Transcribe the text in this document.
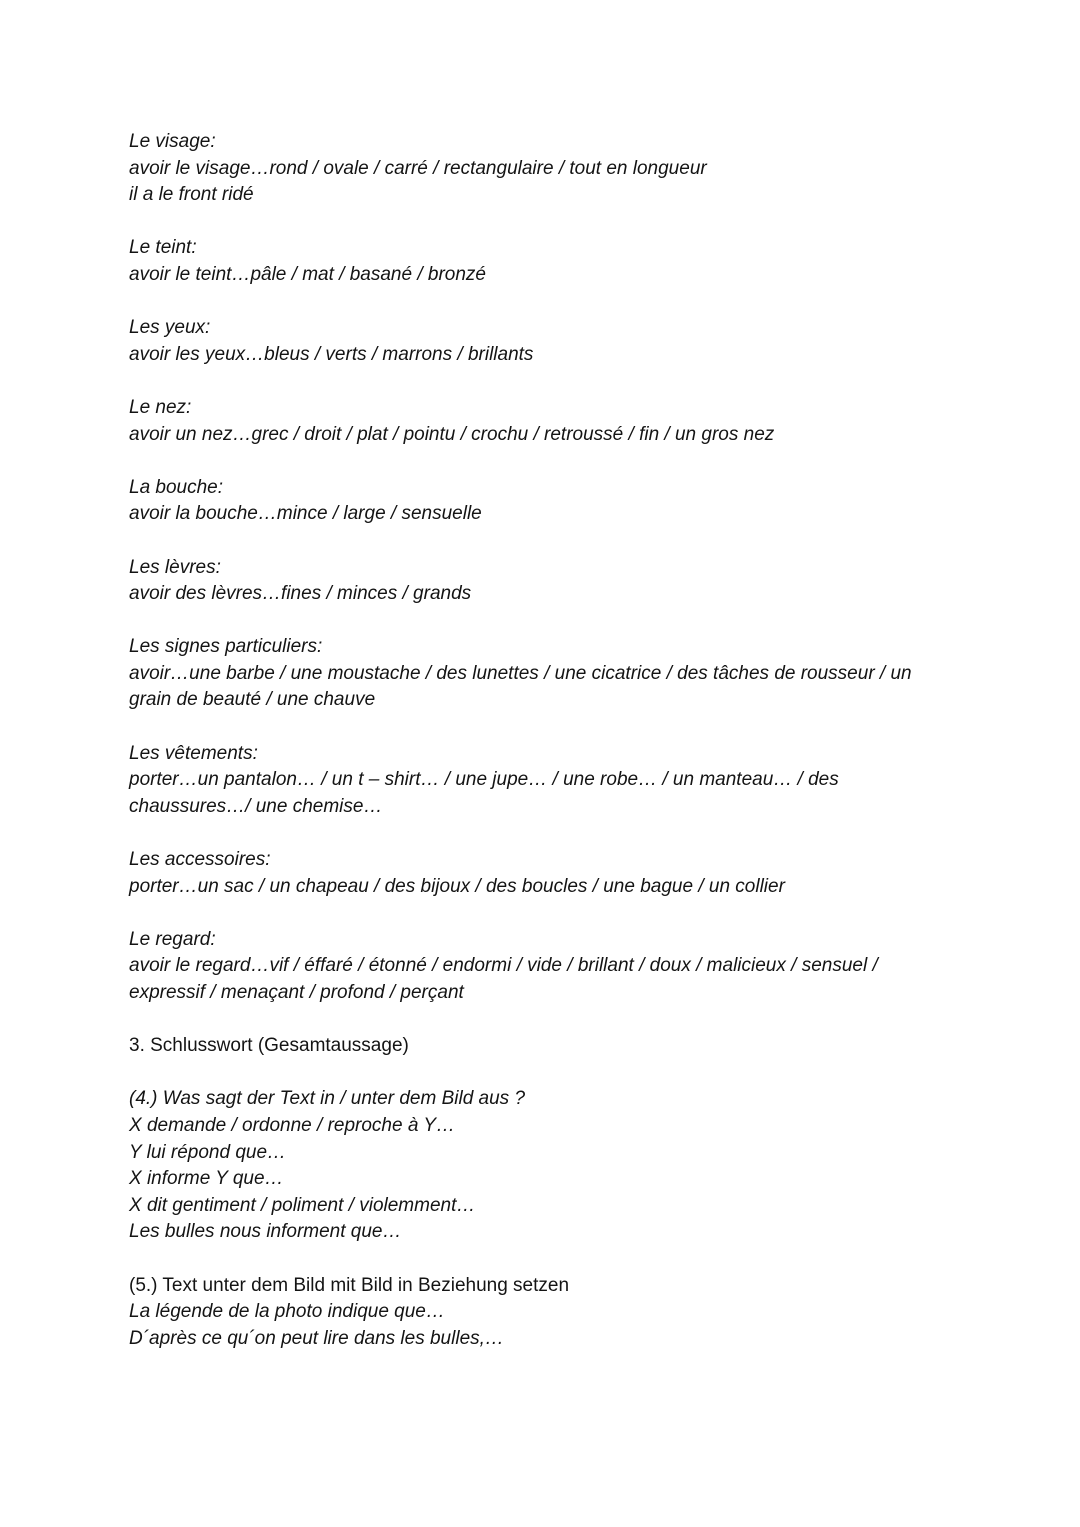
Le visage:
avoir le visage…rond / ovale / carré / rectangulaire / tout en longueur
il a le front ridé
Le teint:
avoir le teint…pâle / mat / basané / bronzé
Les yeux:
avoir les yeux…bleus / verts / marrons / brillants
Le nez:
avoir un nez…grec / droit / plat / pointu / crochu / retroussé / fin / un gros nez
La bouche:
avoir la bouche…mince / large / sensuelle
Les lèvres:
avoir des lèvres…fines / minces / grands
Les signes particuliers:
avoir…une barbe / une moustache / des lunettes / une cicatrice / des tâches de rousseur / un
grain de beauté / une chauve
Les vêtements:
porter…un pantalon… / un t – shirt… / une jupe… / une robe… / un manteau… / des
chaussures…/ une chemise…
Les accessoires:
porter…un sac / un chapeau / des bijoux / des boucles / une bague / un collier
Le regard:
avoir le regard…vif / éffaré / étonné / endormi / vide / brillant / doux / malicieux / sensuel /
expressif / menaçant / profond / perçant
3. Schlusswort (Gesamtaussage)
(4.) Was sagt der Text in / unter dem Bild aus ?
X demande / ordonne / reproche à Y…
Y lui répond que…
X informe Y que…
X dit gentiment / poliment / violemment…
Les bulles nous informent que…
(5.) Text unter dem Bild mit Bild in Beziehung setzen
La légende de la photo indique que…
D´après ce qu´on peut lire dans les bulles,…
